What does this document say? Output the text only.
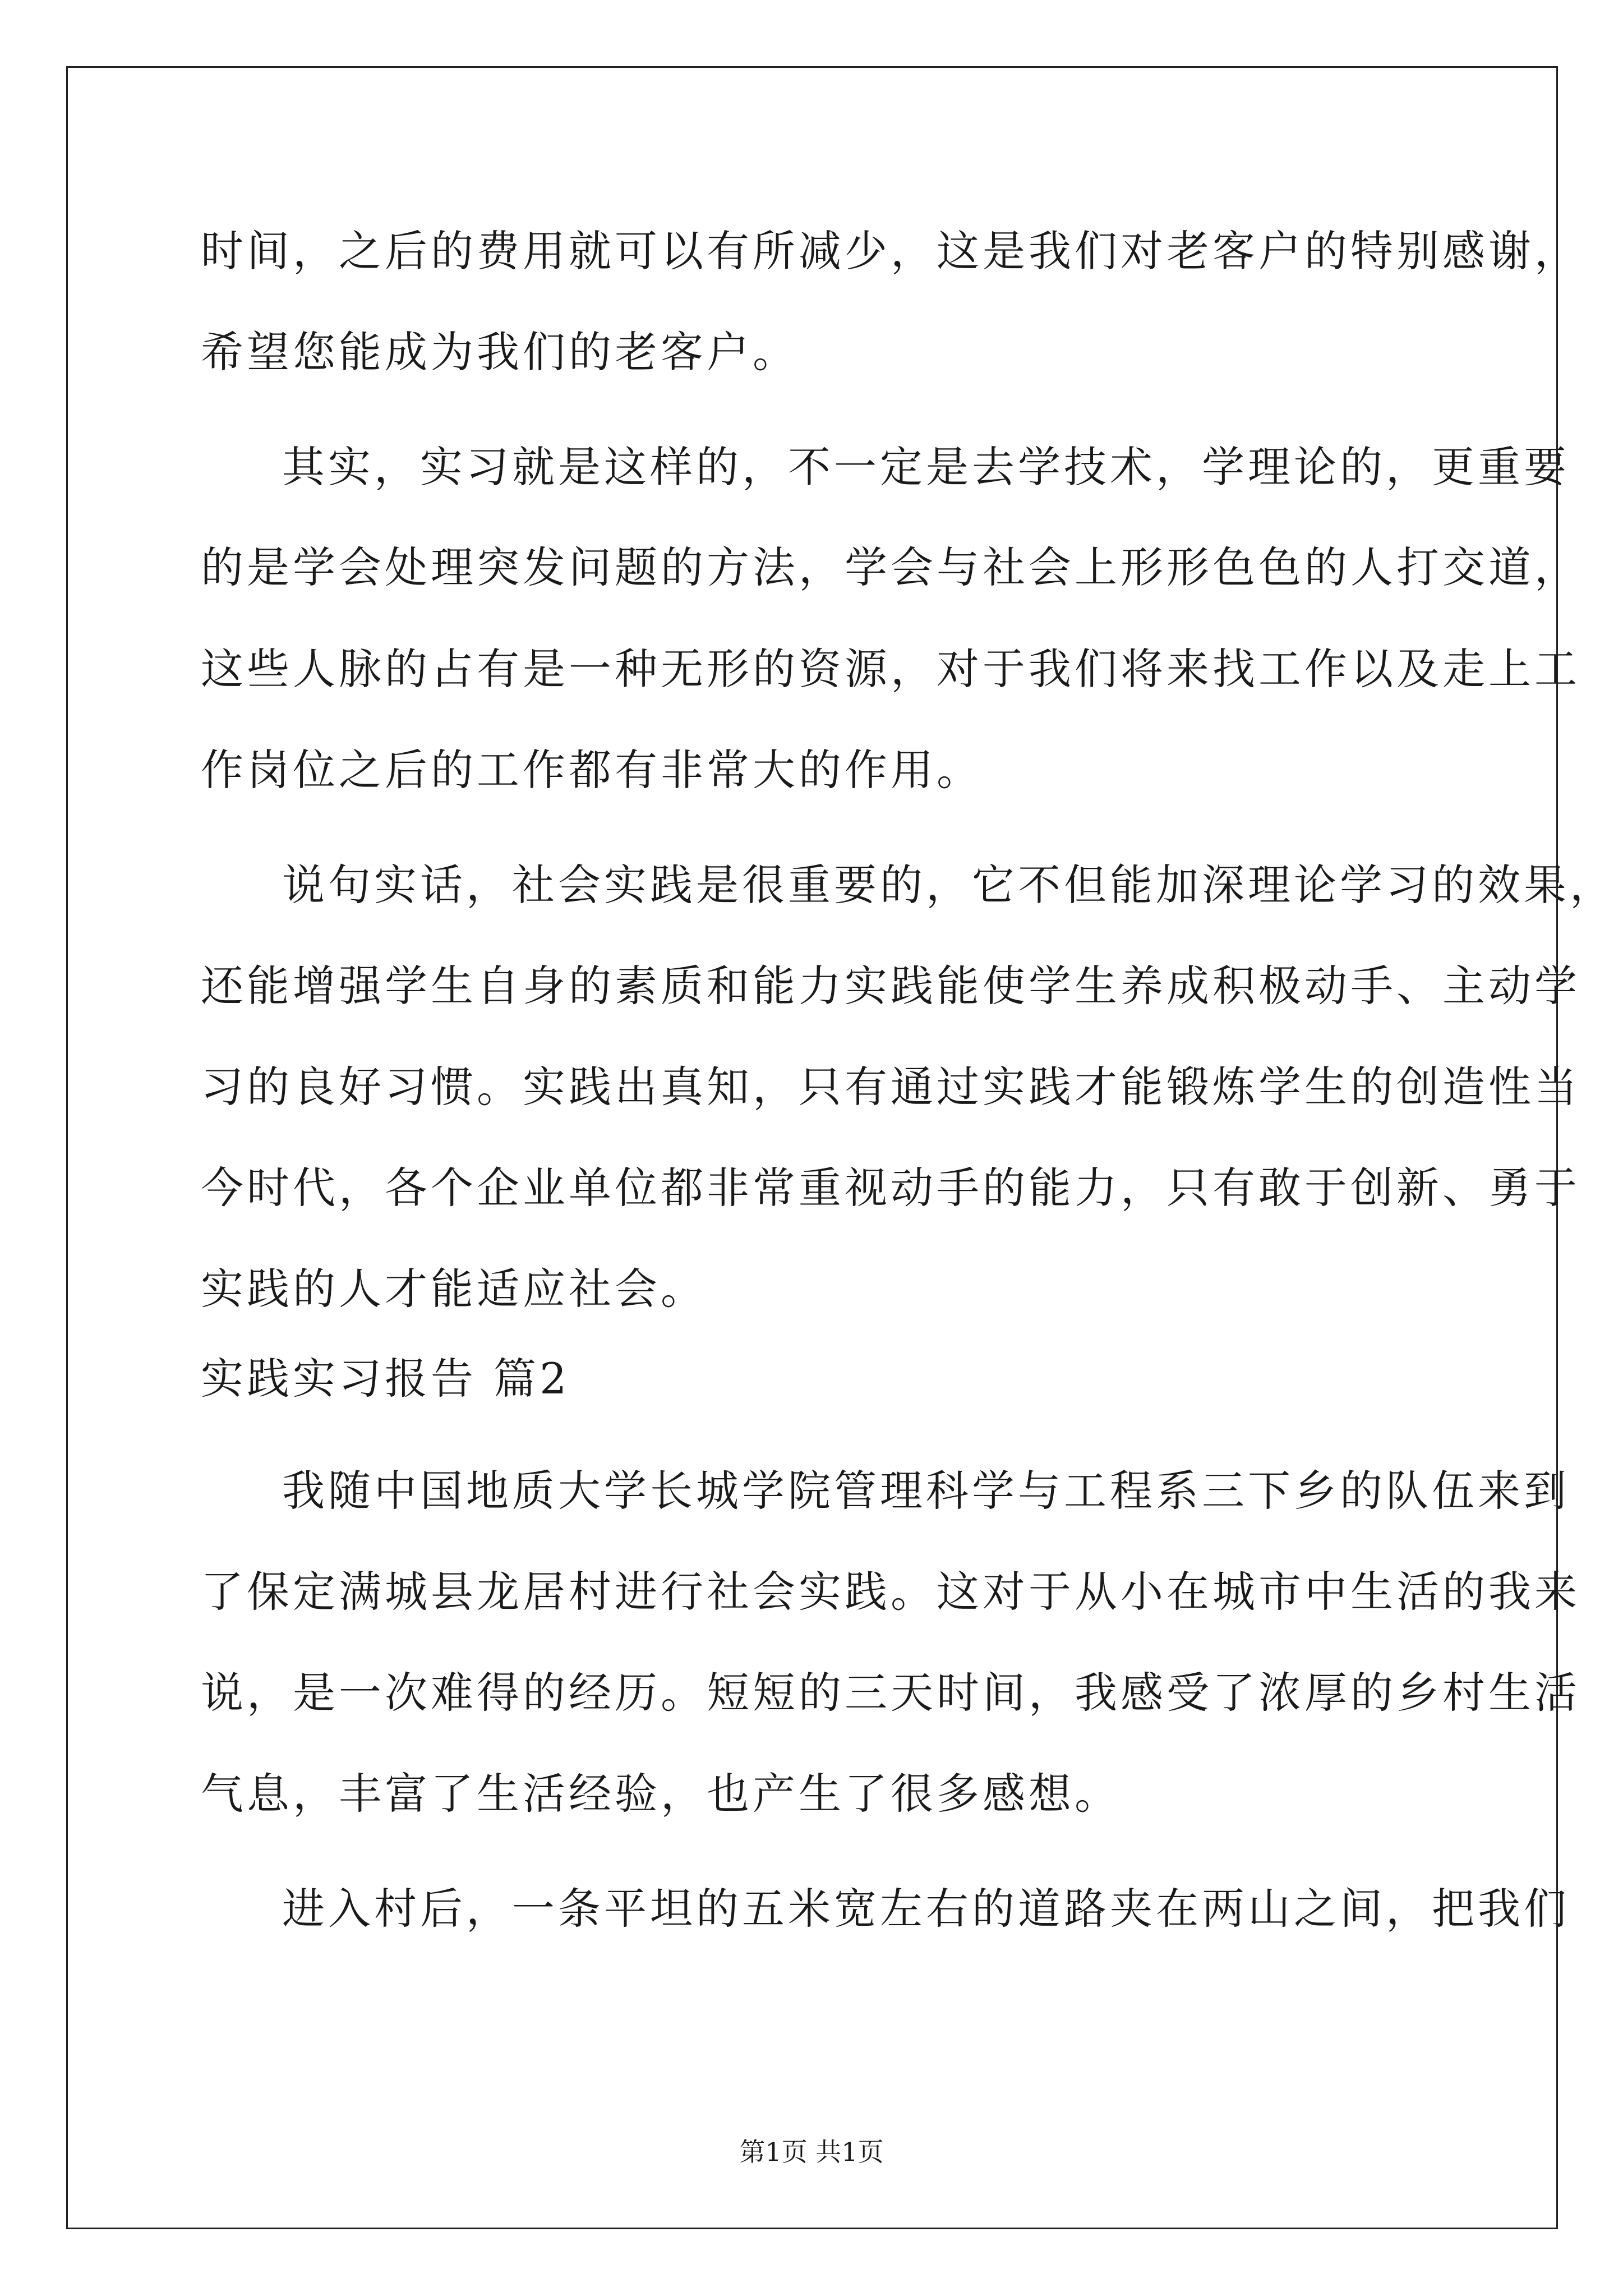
时间，之后的费用就可以有所减少，这是我们对老客户的特别感谢，
希望您能成为我们的老客户。
其实，实习就是这样的，不一定是去学技术，学理论的，更重要
的是学会处理突发问题的方法，学会与社会上形形色色的人打交道，
这些人脉的占有是一种无形的资源，对于我们将来找工作以及走上工
作岗位之后的工作都有非常大的作用。
说句实话，社会实践是很重要的，它不但能加深理论学习的效果，
还能增强学生自身的素质和能力实践能使学生养成积极动手、主动学
习的良好习惯。实践出真知，只有通过实践才能锻炼学生的创造性当
今时代，各个企业单位都非常重视动手的能力，只有敢于创新、勇于
实践的人才能适应社会。
实践实习报告 篇2
我随中国地质大学长城学院管理科学与工程系三下乡的队伍来到
了保定满城县龙居村进行社会实践。这对于从小在城市中生活的我来
说，是一次难得的经历。短短的三天时间，我感受了浓厚的乡村生活
气息，丰富了生活经验，也产生了很多感想。
进入村后，一条平坦的五米宽左右的道路夹在两山之间，把我们
第1页 共1页
